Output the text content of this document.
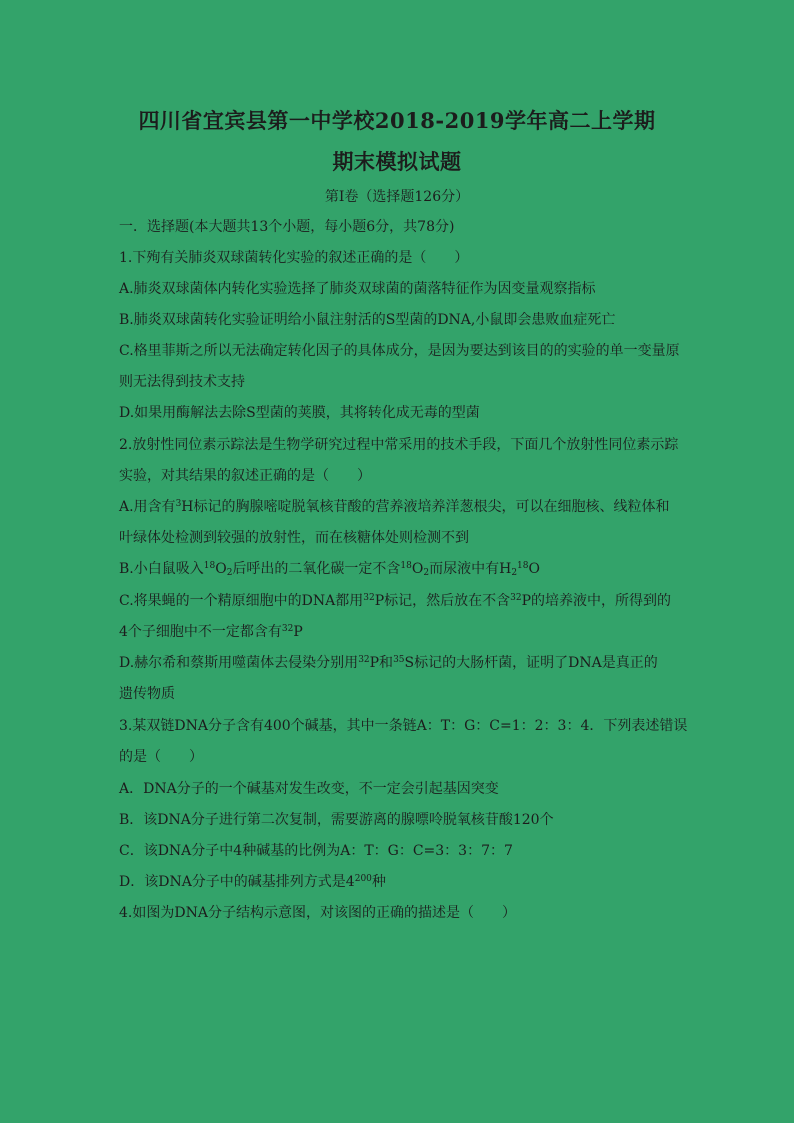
四川省宜宾县第一中学校2018-2019学年高二上学期
期末模拟试题
第Ⅰ卷（选择题126分）
一．选择题(本大题共13个小题，每小题6分，共78分)
1.下殉有关肺炎双球菌转化实验的叙述正确的是（　　）
A.肺炎双球菌体内转化实验选择了肺炎双球菌的菌落特征作为因变量观察指标
B.肺炎双球菌转化实验证明给小鼠注射活的S型菌的DNA,小鼠即会患败血症死亡
C.格里菲斯之所以无法确定转化因子的具体成分，是因为要达到该目的的实验的单一变量原
则无法得到技术支持
D.如果用酶解法去除S型菌的荚膜，其将转化成无毒的型菌
2.放射性同位素示踪法是生物学研究过程中常采用的技术手段，下面几个放射性同位素示踪
实验，对其结果的叙述正确的是（　　）
A.用含有$^3$H标记的胸腺嘧啶脱氧核苷酸的营养液培养洋葱根尖，可以在细胞核、线粒体和
叶绿体处检测到较强的放射性，而在核糖体处则检测不到
B.小白鼠吸入$^{18}O_2$后呼出的二氧化碳一定不含$^{18}O_2$而尿液中有$H_2^{18}O$
C.将果蝇的一个精原细胞中的DNA都用$^{32}$P标记，然后放在不含$^{32}$P的培养液中，所得到的
4个子细胞中不一定都含有$^{32}$P
D.赫尔希和蔡斯用噬菌体去侵染分别用$^{32}$P和$^{35}$S标记的大肠杆菌，证明了DNA是真正的
遗传物质
3.某双链DNA分子含有400个碱基，其中一条链A：T：G：C=1：2：3：4．下列表述错误
的是（　　）
A．DNA分子的一个碱基对发生改变，不一定会引起基因突变
B．该DNA分子进行第二次复制，需要游离的腺嘌呤脱氧核苷酸120个
C．该DNA分子中4种碱基的比例为A：T：G：C=3：3：7：7
D．该DNA分子中的碱基排列方式是$4^{200}$种
4.如图为DNA分子结构示意图，对该图的正确的描述是（　　）
